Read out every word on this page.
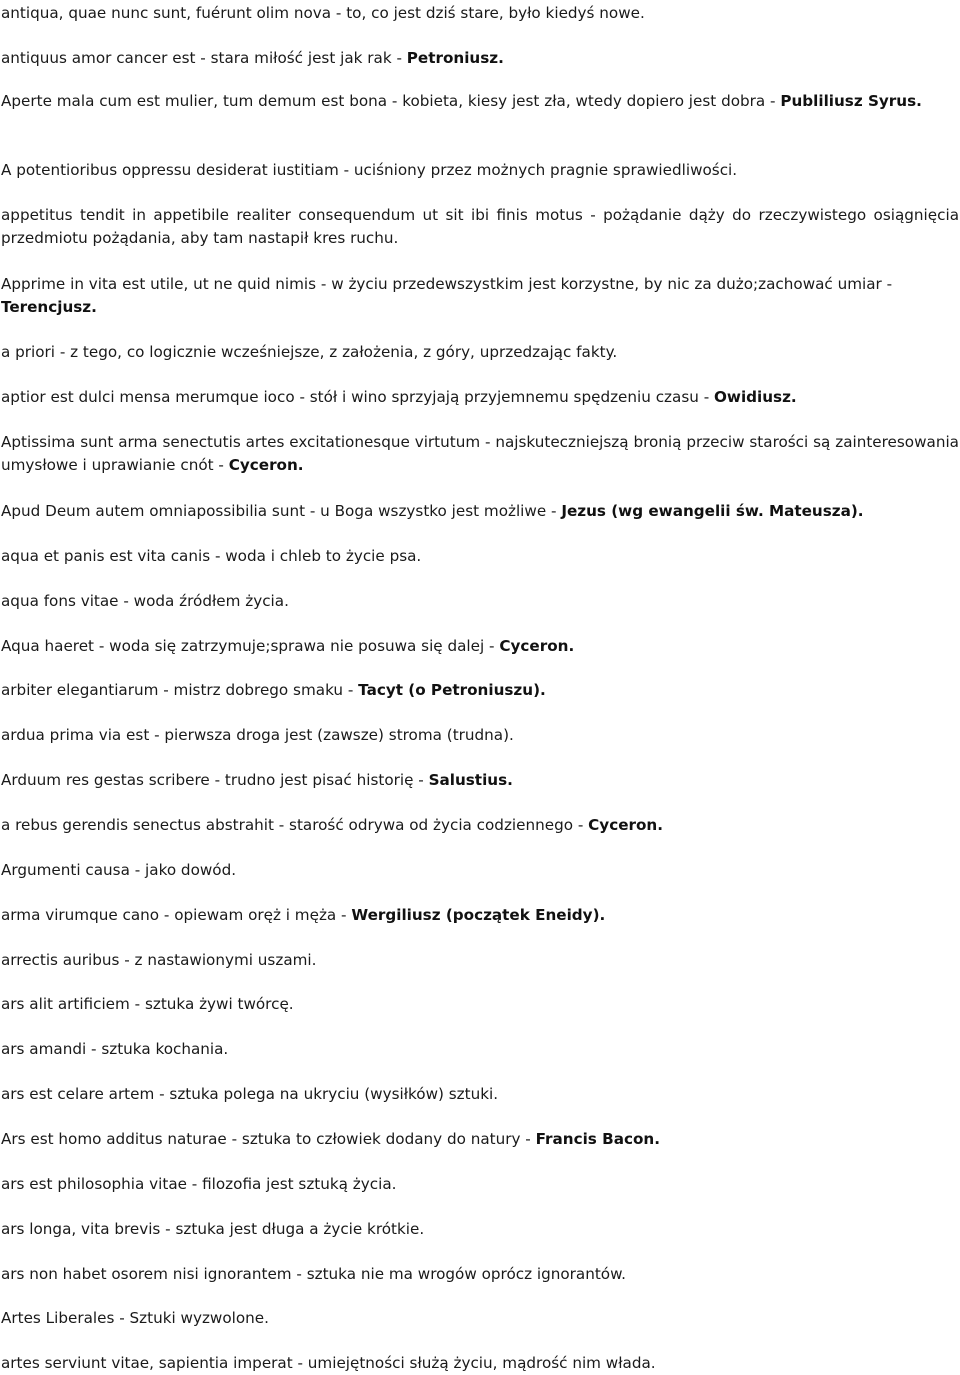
antiqua, quae nunc sunt, fuérunt olim nova - to, co jest dziś stare, było kiedyś nowe.

antiquus amor cancer est - stara miłość jest jak rak - Petroniusz.

Aperte mala cum est mulier, tum demum est bona - kobieta, kiesy jest zła, wtedy dopiero jest dobra - Publiliusz Syrus.

A potentioribus oppressu desiderat iustitiam - uciśniony przez możnych pragnie sprawiedliwości.

appetitus tendit in appetibile realiter consequendum ut sit ibi finis motus - pożądanie dąży do rzeczywistego osiągnięcia przedmiotu pożądania, aby tam nastapił kres ruchu.

Apprime in vita est utile, ut ne quid nimis - w życiu przedewszystkim jest korzystne, by nic za dużo;zachować umiar - Terencjusz.

a priori - z tego, co logicznie wcześniejsze, z założenia, z góry, uprzedzając fakty.

aptior est dulci mensa merumque ioco - stół i wino sprzyjają przyjemnemu spędzeniu czasu - Owidiusz.

Aptissima sunt arma senectutis artes excitationesque virtutum - najskuteczniejszą bronią przeciw starości są zainteresowania umysłowe i uprawianie cnót - Cyceron.

Apud Deum autem omniapossibilia sunt - u Boga wszystko jest możliwe - Jezus (wg ewangelii św. Mateusza).

aqua et panis est vita canis - woda i chleb to życie psa.

aqua fons vitae - woda źródłem życia.

Aqua haeret - woda się zatrzymuje;sprawa nie posuwa się dalej - Cyceron.

arbiter elegantiarum - mistrz dobrego smaku - Tacyt (o Petroniuszu).

ardua prima via est - pierwsza droga jest (zawsze) stroma (trudna).

Arduum res gestas scribere - trudno jest pisać historię - Salustius.

a rebus gerendis senectus abstrahit - starość odrywa od życia codziennego - Cyceron.

Argumenti causa - jako dowód.

arma virumque cano - opiewam oręż i męża - Wergiliusz (początek Eneidy).

arrectis auribus - z nastawionymi uszami.

ars alit artificiem - sztuka żywi twórcę.

ars amandi - sztuka kochania.

ars est celare artem - sztuka polega na ukryciu (wysiłków) sztuki.

Ars est homo additus naturae - sztuka to człowiek dodany do natury - Francis Bacon.

ars est philosophia vitae - filozofia jest sztuką życia.

ars longa, vita brevis - sztuka jest długa a życie krótkie.

ars non habet osorem nisi ignorantem - sztuka nie ma wrogów oprócz ignorantów.

Artes Liberales - Sztuki wyzwolone.

artes serviunt vitae, sapientia imperat - umiejętności służą życiu, mądrość nim włada.
